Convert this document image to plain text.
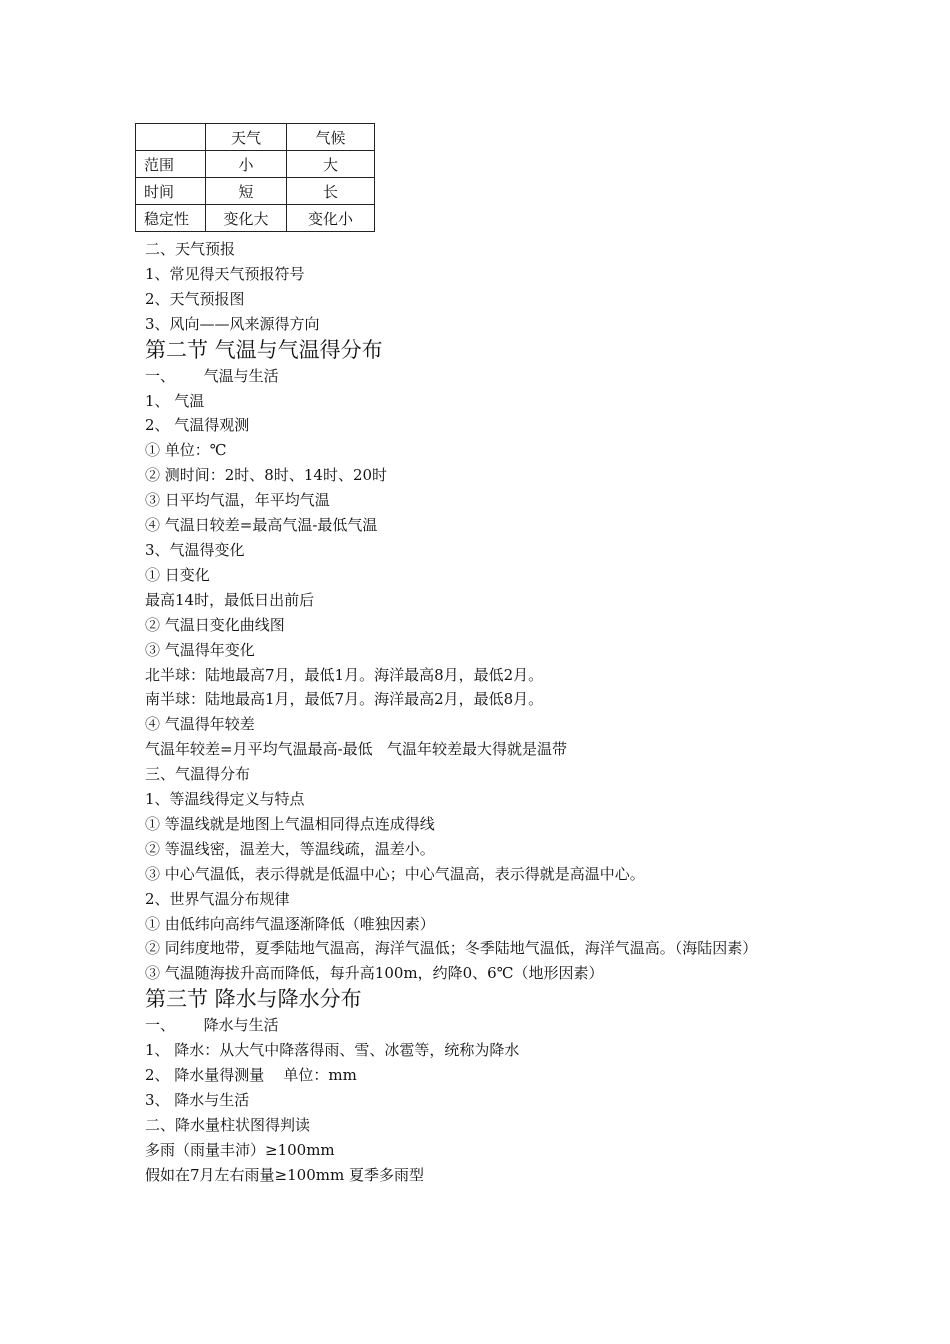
	天气	气候
范围	小	大
时间	短	长
稳定性	变化大	变化小
二、天气预报
1、常见得天气预报符号
2、天气预报图
3、风向——风来源得方向
第二节 气温与气温得分布
一、      气温与生活
1、 气温
2、 气温得观测
① 单位：℃
② 测时间：2时、8时、14时、20时
③ 日平均气温，年平均气温
④ 气温日较差=最高气温-最低气温
3、气温得变化
① 日变化
最高14时，最低日出前后
② 气温日变化曲线图
③ 气温得年变化
北半球：陆地最高7月，最低1月。海洋最高8月，最低2月。
南半球：陆地最高1月，最低7月。海洋最高2月，最低8月。
④ 气温得年较差
气温年较差=月平均气温最高-最低   气温年较差最大得就是温带
三、气温得分布
1、等温线得定义与特点
① 等温线就是地图上气温相同得点连成得线
② 等温线密，温差大，等温线疏，温差小。
③ 中心气温低，表示得就是低温中心；中心气温高，表示得就是高温中心。
2、世界气温分布规律
① 由低纬向高纬气温逐渐降低（唯独因素）
② 同纬度地带，夏季陆地气温高，海洋气温低；冬季陆地气温低，海洋气温高。（海陆因素）
③ 气温随海拔升高而降低，每升高100m，约降0、6℃（地形因素）
第三节 降水与降水分布
一、      降水与生活
1、 降水：从大气中降落得雨、雪、冰雹等，统称为降水
2、 降水量得测量    单位：mm
3、 降水与生活
二、降水量柱状图得判读
多雨（雨量丰沛）≥100mm
假如在7月左右雨量≥100mm 夏季多雨型
